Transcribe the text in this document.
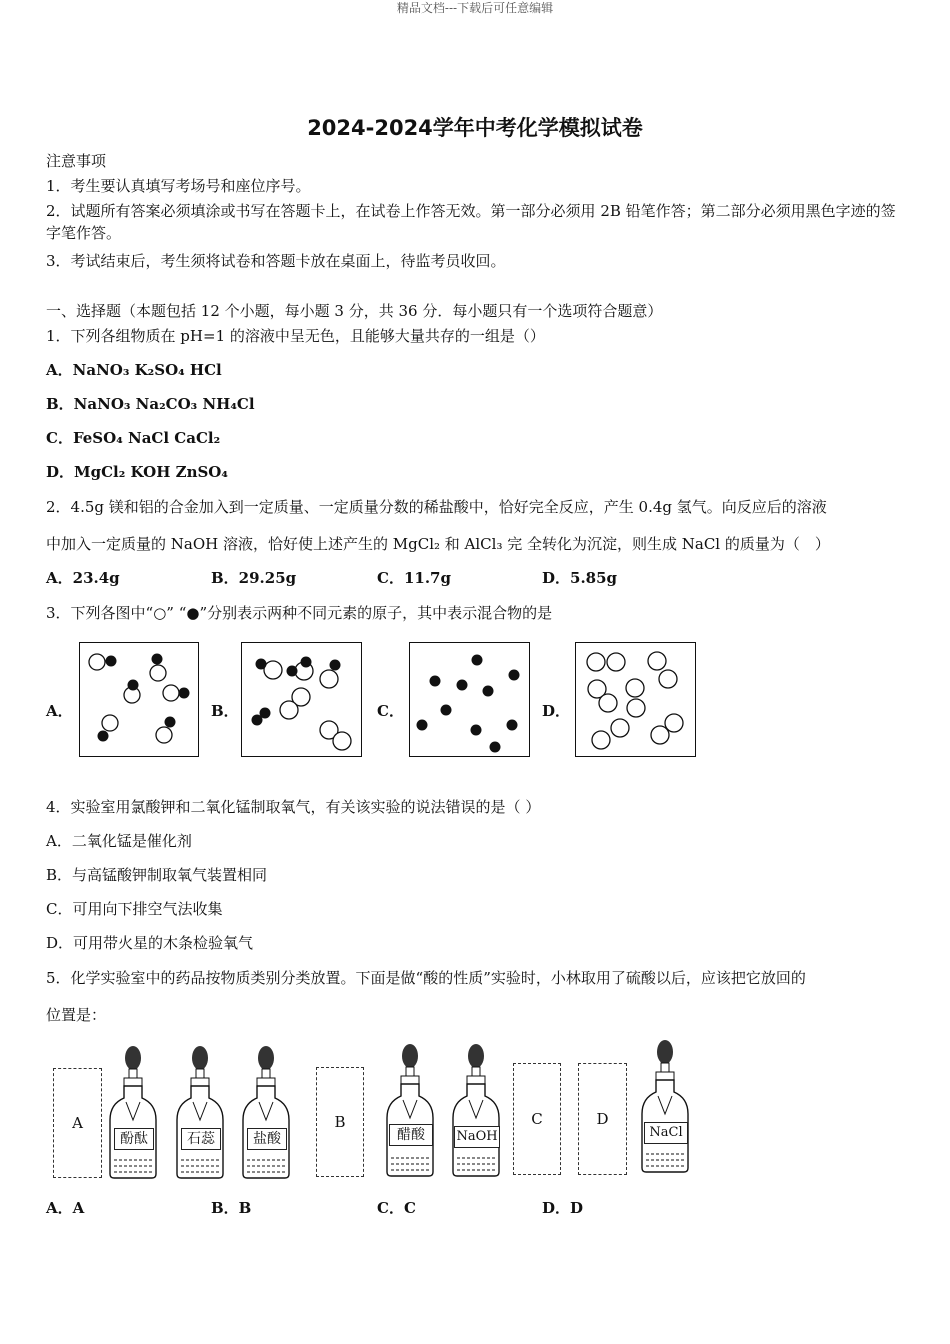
精品文档---下载后可任意编辑
2024-2024学年中考化学模拟试卷
注意事项
1．考生要认真填写考场号和座位序号。
2．试题所有答案必须填涂或书写在答题卡上，在试卷上作答无效。第一部分必须用 2B 铅笔作答；第二部分必须用黑色字迹的签字笔作答。
3．考试结束后，考生须将试卷和答题卡放在桌面上，待监考员收回。
一、选择题（本题包括 12 个小题，每小题 3 分，共 36 分．每小题只有一个选项符合题意）
1．下列各组物质在 pH=1 的溶液中呈无色，且能够大量共存的一组是（）
A．NaNO₃ K₂SO₄ HCl
B．NaNO₃ Na₂CO₃ NH₄Cl
C．FeSO₄ NaCl CaCl₂
D．MgCl₂ KOH ZnSO₄
2．4.5g 镁和铝的合金加入到一定质量、一定质量分数的稀盐酸中，恰好完全反应，产生 0.4g 氢气。向反应后的溶液
中加入一定质量的 NaOH 溶液，恰好使上述产生的 MgCl₂ 和 AlCl₃ 完 全转化为沉淀，则生成 NaCl 的质量为（　）
A．23.4g	B．29.25g	C．11.7g	D．5.85g
3．下列各图中“○” “●”分别表示两种不同元素的原子，其中表示混合物的是
A．	B．	C．	D．
4．实验室用氯酸钾和二氧化锰制取氧气，有关该实验的说法错误的是（ ）
A．二氧化锰是催化剂
B．与高锰酸钾制取氧气装置相同
C．可用向下排空气法收集
D．可用带火星的木条检验氧气
5．化学实验室中的药品按物质类别分类放置。下面是做“酸的性质”实验时，小林取用了硫酸以后，应该把它放回的
位置是：
A	B	C	D
酚酞	石蕊	盐酸	醋酸	NaOH	NaCl
A．A	B．B	C．C	D．D
